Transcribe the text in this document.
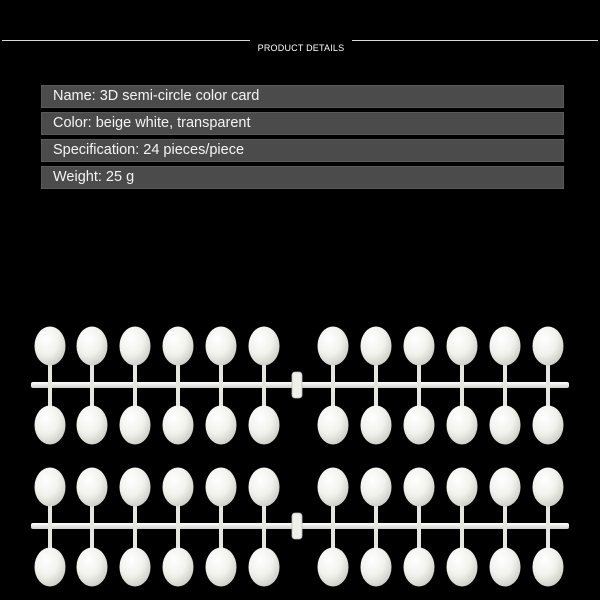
PRODUCT DETAILS
Name: 3D semi-circle color card
Color: beige white, transparent
Specification: 24 pieces/piece
Weight: 25 g
